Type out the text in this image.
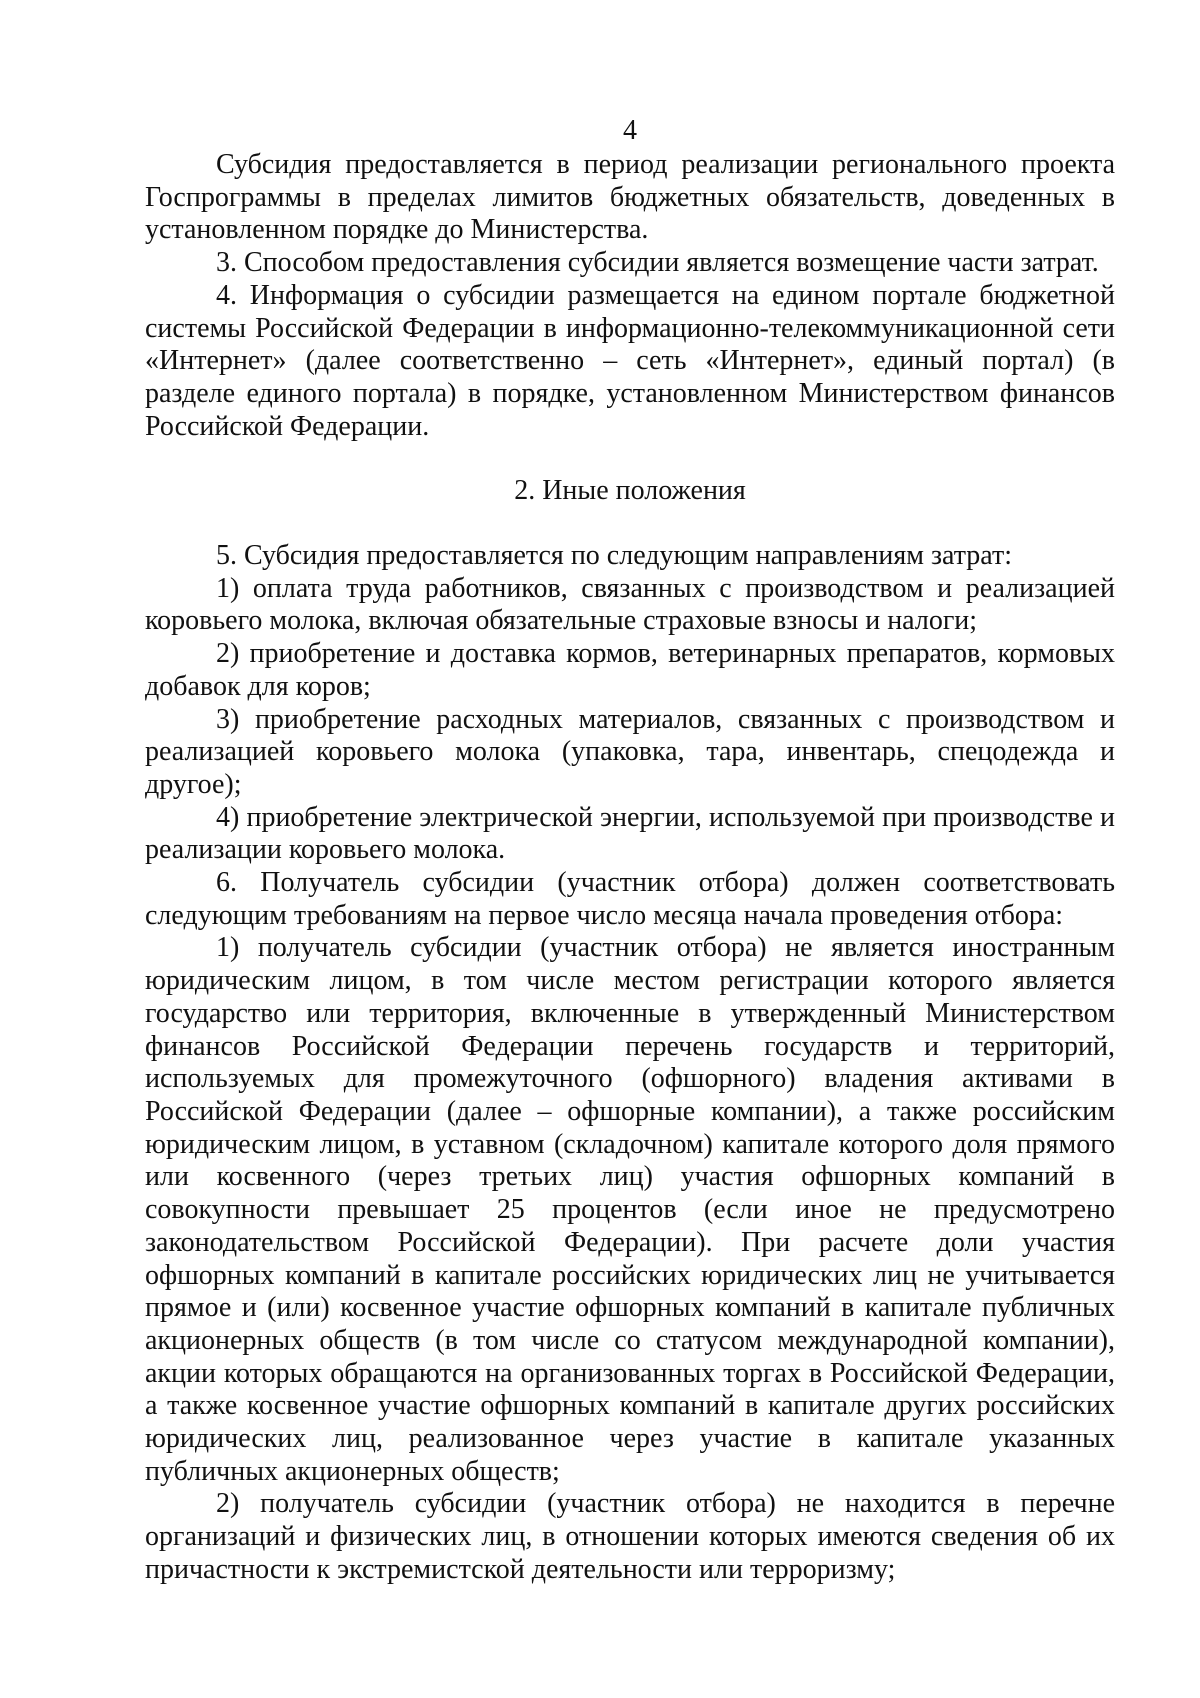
4

Субсидия предоставляется в период реализации регионального проекта Госпрограммы в пределах лимитов бюджетных обязательств, доведенных в установленном порядке до Министерства.

3. Способом предоставления субсидии является возмещение части затрат.

4. Информация о субсидии размещается на едином портале бюджетной системы Российской Федерации в информационно-телекоммуникационной сети «Интернет» (далее соответственно – сеть «Интернет», единый портал) (в разделе единого портала) в порядке, установленном Министерством финансов Российской Федерации.

2. Иные положения

5. Субсидия предоставляется по следующим направлениям затрат:

1) оплата труда работников, связанных с производством и реализацией коровьего молока, включая обязательные страховые взносы и налоги;

2) приобретение и доставка кормов, ветеринарных препаратов, кормовых добавок для коров;

3) приобретение расходных материалов, связанных с производством и реализацией коровьего молока (упаковка, тара, инвентарь, спецодежда и другое);

4) приобретение электрической энергии, используемой при производстве и реализации коровьего молока.

6. Получатель субсидии (участник отбора) должен соответствовать следующим требованиям на первое число месяца начала проведения отбора:

1) получатель субсидии (участник отбора) не является иностранным юридическим лицом, в том числе местом регистрации которого является государство или территория, включенные в утвержденный Министерством финансов Российской Федерации перечень государств и территорий, используемых для промежуточного (офшорного) владения активами в Российской Федерации (далее – офшорные компании), а также российским юридическим лицом, в уставном (складочном) капитале которого доля прямого или косвенного (через третьих лиц) участия офшорных компаний в совокупности превышает 25 процентов (если иное не предусмотрено законодательством Российской Федерации). При расчете доли участия офшорных компаний в капитале российских юридических лиц не учитывается прямое и (или) косвенное участие офшорных компаний в капитале публичных акционерных обществ (в том числе со статусом международной компании), акции которых обращаются на организованных торгах в Российской Федерации, а также косвенное участие офшорных компаний в капитале других российских юридических лиц, реализованное через участие в капитале указанных публичных акционерных обществ;

2) получатель субсидии (участник отбора) не находится в перечне организаций и физических лиц, в отношении которых имеются сведения об их причастности к экстремистской деятельности или терроризму;
